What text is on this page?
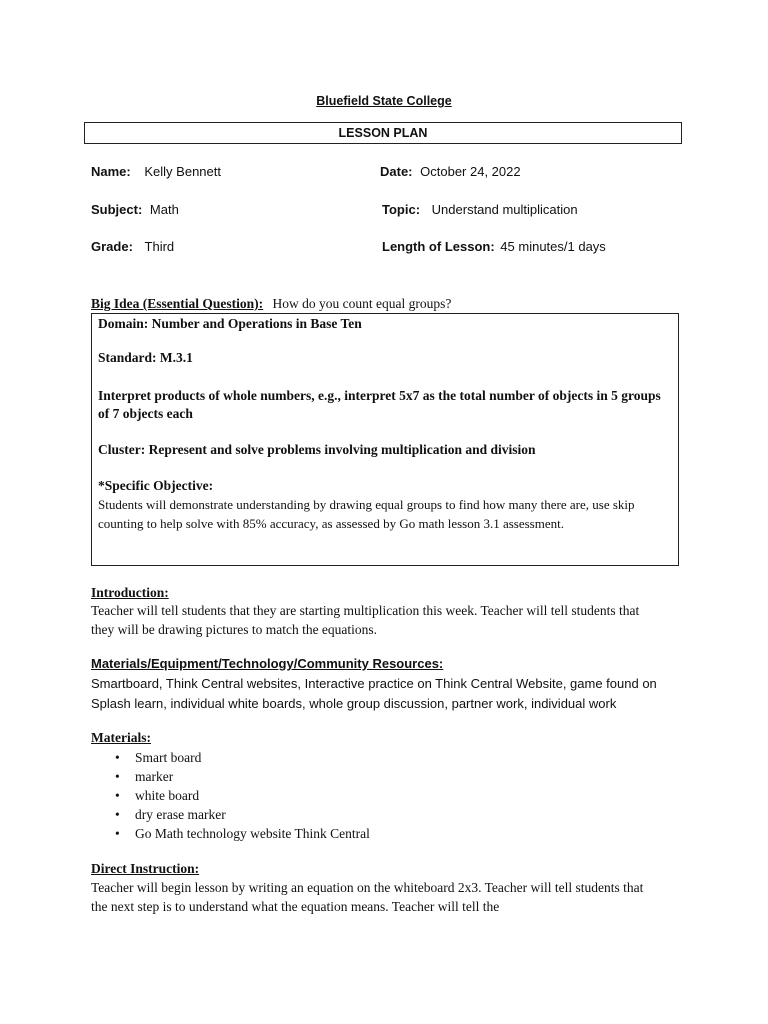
Bluefield State College
LESSON PLAN
Name: Kelly Bennett	Date: October 24, 2022
Subject: Math	Topic: Understand multiplication
Grade: Third	Length of Lesson: 45 minutes/1 days
Big Idea (Essential Question): How do you count equal groups?
Domain: Number and Operations in Base Ten
Standard: M.3.1
Interpret products of whole numbers, e.g., interpret 5x7 as the total number of objects in 5 groups of 7 objects each
Cluster: Represent and solve problems involving multiplication and division
*Specific Objective:
Students will demonstrate understanding by drawing equal groups to find how many there are, use skip counting to help solve with 85% accuracy, as assessed by Go math lesson 3.1 assessment.
Introduction:
Teacher will tell students that they are starting multiplication this week. Teacher will tell students that they will be drawing pictures to match the equations.
Materials/Equipment/Technology/Community Resources:
Smartboard, Think Central websites, Interactive practice on Think Central Website, game found on Splash learn, individual white boards, whole group discussion, partner work, individual work
Materials:
• Smart board
• marker
• white board
• dry erase marker
• Go Math technology website Think Central
Direct Instruction:
Teacher will begin lesson by writing an equation on the whiteboard 2x3. Teacher will tell students that the next step is to understand what the equation means. Teacher will tell the
